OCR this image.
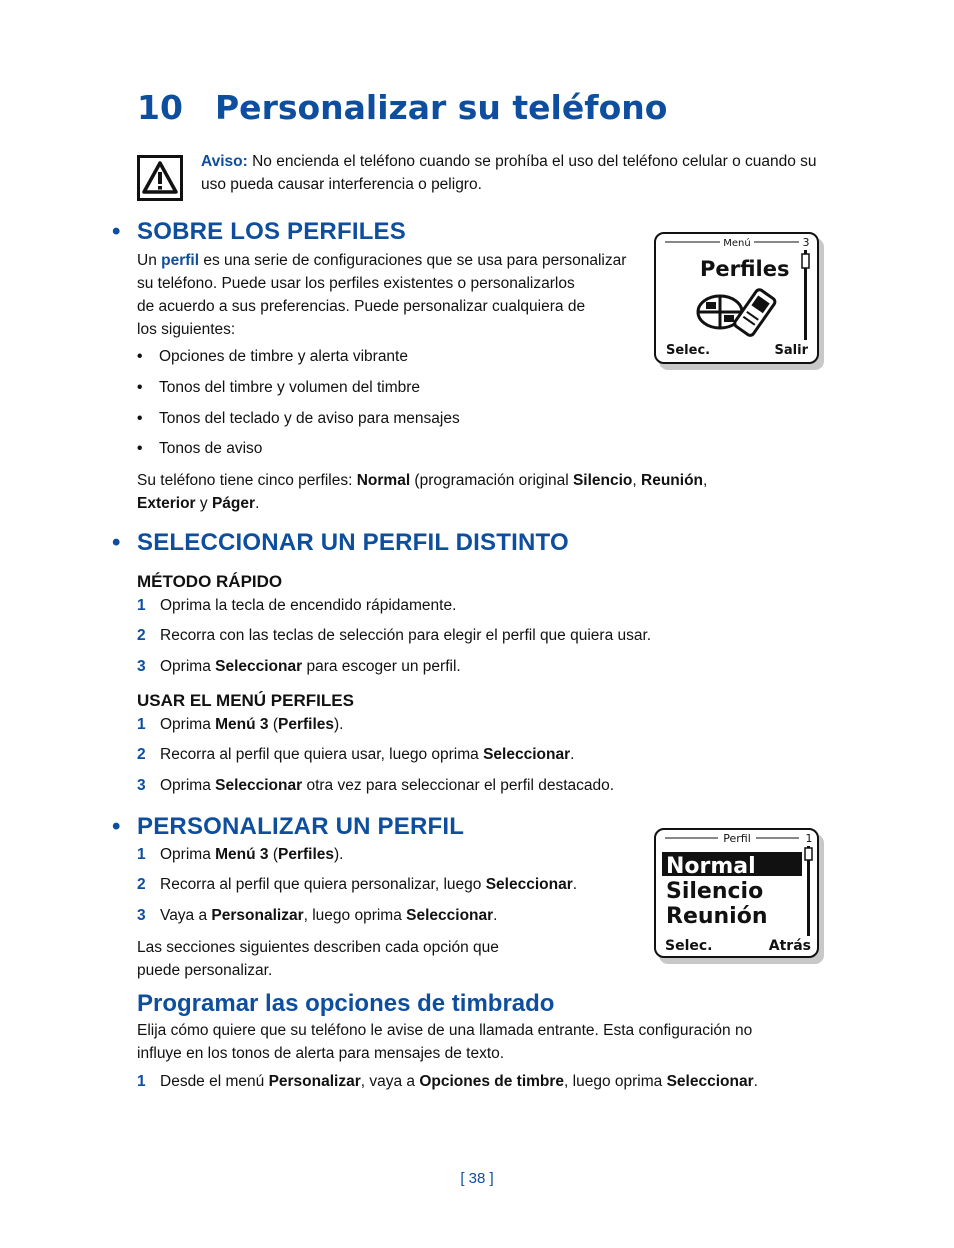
10 Personalizar su teléfono
Aviso: No encienda el teléfono cuando se prohíba el uso del teléfono celular o cuando su uso pueda causar interferencia o peligro.
• SOBRE LOS PERFILES
Un perfil es una serie de configuraciones que se usa para personalizar
su teléfono. Puede usar los perfiles existentes o personalizarlos
de acuerdo a sus preferencias. Puede personalizar cualquiera de
los siguientes:
• Opciones de timbre y alerta vibrante
• Tonos del timbre y volumen del timbre
• Tonos del teclado y de aviso para mensajes
• Tonos de aviso
Su teléfono tiene cinco perfiles: Normal (programación original Silencio, Reunión,
Exterior y Páger.
Menú	3
Perfiles
Selec.	Salir
• SELECCIONAR UN PERFIL DISTINTO
MÉTODO RÁPIDO
1 Oprima la tecla de encendido rápidamente.
2 Recorra con las teclas de selección para elegir el perfil que quiera usar.
3 Oprima Seleccionar para escoger un perfil.
USAR EL MENÚ PERFILES
1 Oprima Menú 3 (Perfiles).
2 Recorra al perfil que quiera usar, luego oprima Seleccionar.
3 Oprima Seleccionar otra vez para seleccionar el perfil destacado.
• PERSONALIZAR UN PERFIL
1 Oprima Menú 3 (Perfiles).
2 Recorra al perfil que quiera personalizar, luego Seleccionar.
3 Vaya a Personalizar, luego oprima Seleccionar.
Las secciones siguientes describen cada opción que
puede personalizar.
Perfil	1
Normal
Silencio
Reunión
Selec.	Atrás
Programar las opciones de timbrado
Elija cómo quiere que su teléfono le avise de una llamada entrante. Esta configuración no
influye en los tonos de alerta para mensajes de texto.
1 Desde el menú Personalizar, vaya a Opciones de timbre, luego oprima Seleccionar.
[ 38 ]
